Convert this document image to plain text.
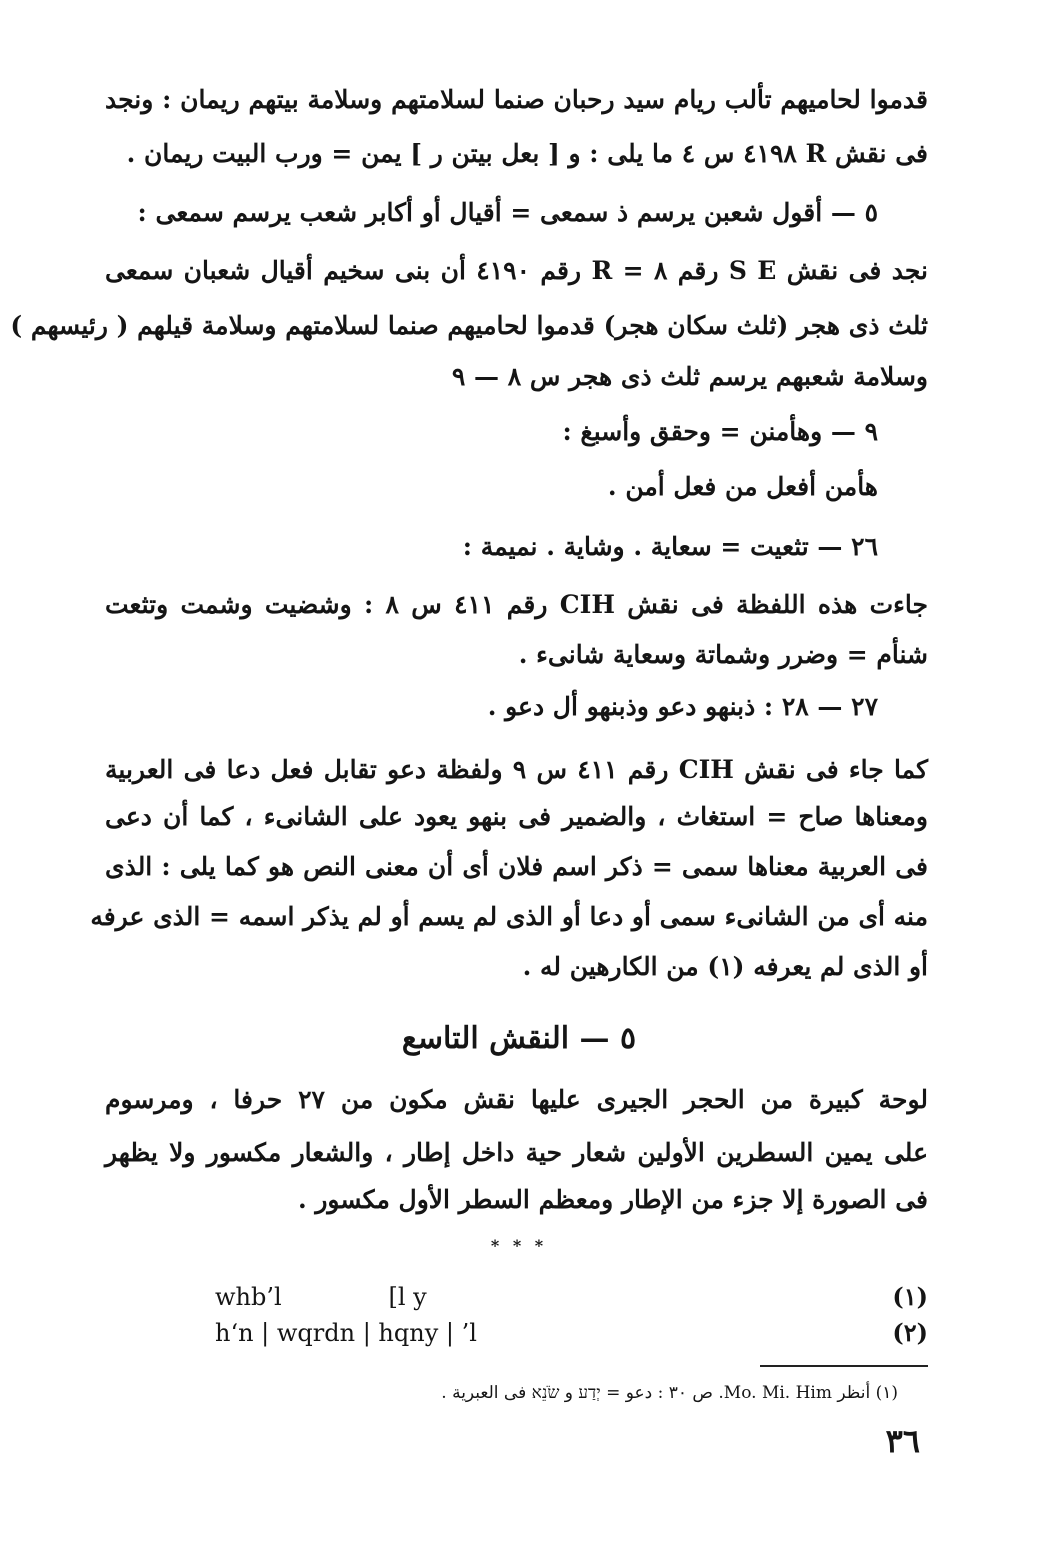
قدموا لحاميهم تألب ريام سيد رحبان صنما لسلامتهم وسلامة بيتهم ريمان : ونجد
فى نقش R ٤١٩٨ س ٤ ما يلى : و [ بعل بيتن ر ] يمن = ورب البيت ريمان .
٥ — أقول شعبن يرسم ذ سمعى = أقيال أو أكابر شعب يرسم سمعى :
نجد فى نقش S E رقم ٨ = R رقم ٤١٩٠ أن بنى سخيم أقيال شعبان سمعى
ثلث ذى هجر (ثلث سكان هجر) قدموا لحاميهم صنما لسلامتهم وسلامة قيلهم ( رئيسهم )
وسلامة شعبهم يرسم ثلث ذى هجر س ٨ — ٩
٩ — وهأمنن = وحقق وأسبغ :
هأمن أفعل من فعل أمن .
٢٦ — تثعيت = سعاية . وشاية . نميمة :
جاءت هذه اللفظة فى نقش CIH رقم ٤١١ س ٨ : وشضيت وشمت وتثعت
شنأم = وضرر وشماتة وسعاية شانىء .
٢٧ — ٢٨ : ذبنهو دعو وذبنهو أل دعو .
كما جاء فى نقش CIH رقم ٤١١ س ٩ ولفظة دعو تقابل فعل دعا فى العربية
ومعناها صاح = استغاث ، والضمير فى بنهو يعود على الشانىء ، كما أن دعى
فى العربية معناها سمى = ذكر اسم فلان أى أن معنى النص هو كما يلى : الذى
منه أى من الشانىء سمى أو دعا أو الذى لم يسم أو لم يذكر اسمه = الذى عرفه
أو الذى لم يعرفه (١) من الكارهين له .
٥ — النقش التاسع
لوحة كبيرة من الحجر الجيرى عليها نقش مكون من ٢٧ حرفا ، ومرسوم
على يمين السطرين الأولين شعار حية داخل إطار ، والشعار مكسور ولا يظهر
فى الصورة إلا جزء من الإطار ومعظم السطر الأول مكسور .
* * *
whb’l              [l y	(١)
h‘n | wqrdn | hqny | ’l	(٢)
(١) أنظر Mo. Mi. Him. ص ٣٠ : دعو = יְדַע و שֹׂנֵא فى العبرية .
٣٦
